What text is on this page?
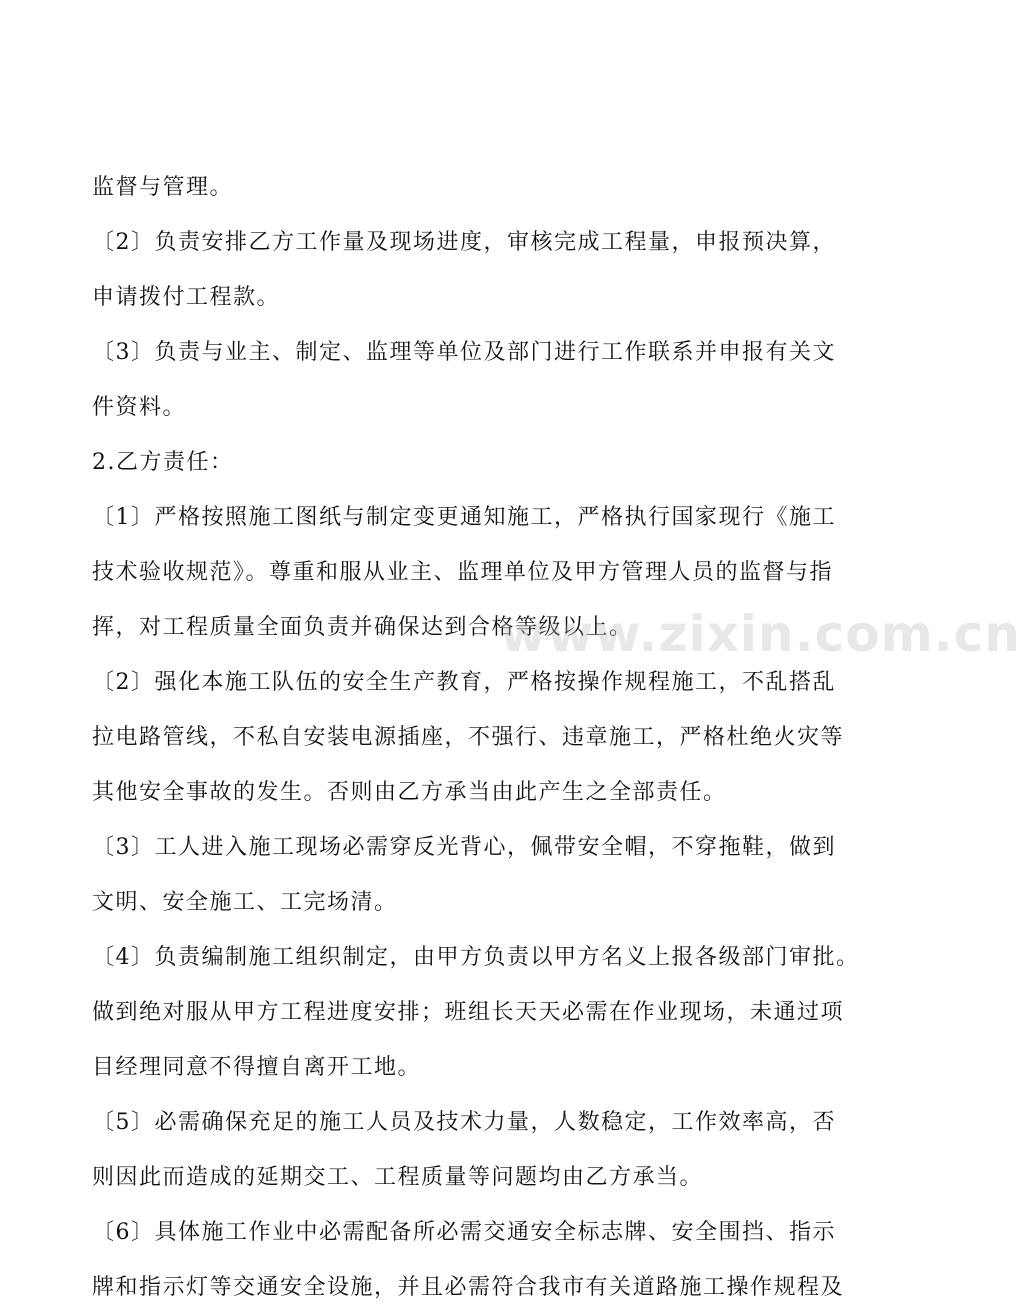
监督与管理。
〔2〕负责安排乙方工作量及现场进度，审核完成工程量，申报预决算，
申请拨付工程款。
〔3〕负责与业主、制定、监理等单位及部门进行工作联系并申报有关文
件资料。
2.乙方责任：
〔1〕严格按照施工图纸与制定变更通知施工，严格执行国家现行《施工
技术验收规范》。尊重和服从业主、监理单位及甲方管理人员的监督与指
挥，对工程质量全面负责并确保达到合格等级以上。
〔2〕强化本施工队伍的安全生产教育，严格按操作规程施工，不乱搭乱
拉电路管线，不私自安装电源插座，不强行、违章施工，严格杜绝火灾等
其他安全事故的发生。否则由乙方承当由此产生之全部责任。
〔3〕工人进入施工现场必需穿反光背心，佩带安全帽，不穿拖鞋，做到
文明、安全施工、工完场清。
〔4〕负责编制施工组织制定，由甲方负责以甲方名义上报各级部门审批。
做到绝对服从甲方工程进度安排；班组长天天必需在作业现场，未通过项
目经理同意不得擅自离开工地。
〔5〕必需确保充足的施工人员及技术力量，人数稳定，工作效率高，否
则因此而造成的延期交工、工程质量等问题均由乙方承当。
〔6〕具体施工作业中必需配备所必需交通安全标志牌、安全围挡、指示
牌和指示灯等交通安全设施，并且必需符合我市有关道路施工操作规程及
www.zixin.com.cn
